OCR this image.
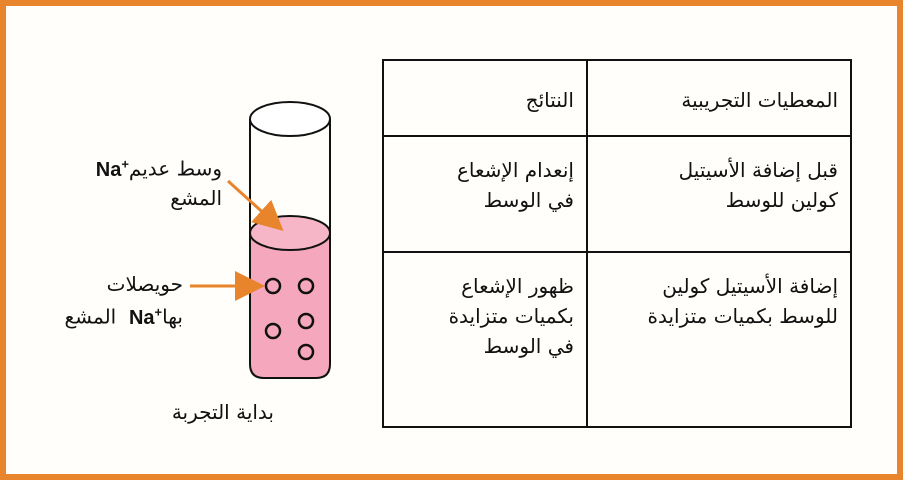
وسط عديمNa+
المشع
حويصلات
بهاNa+  المشع
بداية التجربة
المعطيات التجريبية	النتائج

قبل إضافة الأسيتيل
كولين للوسط	إنعدام الإشعاع
في الوسط

إضافة الأسيتيل كولين
للوسط بكميات متزايدة	ظهور الإشعاع
بكميات متزايدة
في الوسط
